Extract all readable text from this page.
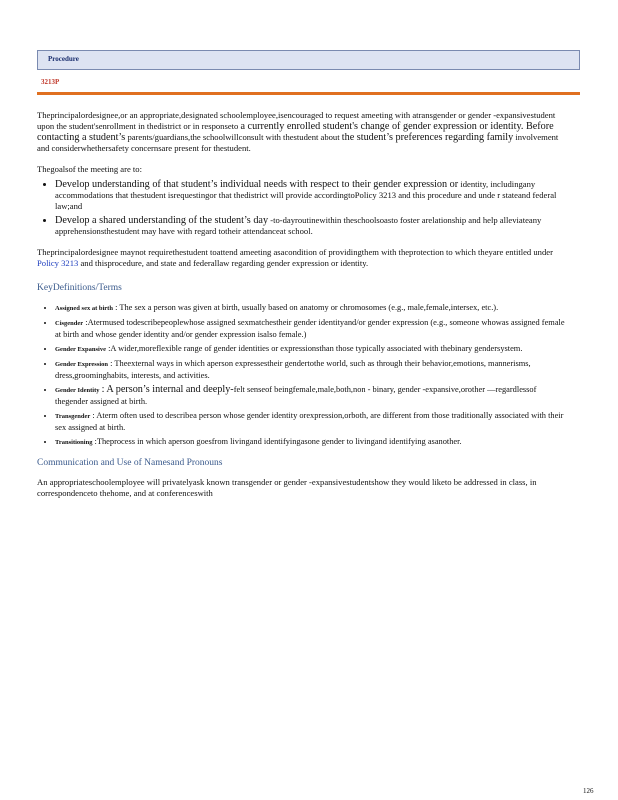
Procedure
3213P

Theprincipalordesignee,or an appropriate,designated schoolemployee,isencouraged to request ameeting with atransgender or gender -expansivestudent upon the student'senrollment in thedistrict or in responseto a currently enrolled student's change of gender expression or identity. Before contacting a student’s parents/guardians,the schoolwillconsult with thestudent about the student’s preferences regarding family involvement and considerwhethersafety concernsare present for thestudent.

Thegoalsof the meeting are to:

• Develop understanding of that student’s individual needs with respect to their gender expression or identity, includingany accommodations that thestudent isrequestingor that thedistrict will provide accordingtoPolicy 3213 and this procedure and unde r stateand federal law;and
• Develop a shared understanding of the student’s day -to-dayroutinewithin theschoolsoasto foster arelationship and help alleviateany apprehensionsthestudent may have with regard totheir attendanceat school.

Theprincipalordesignee maynot requirethestudent toattend ameeting asacondition of providingthem with theprotection to which theyare entitled under Policy 3213 and thisprocedure, and state and federallaw regarding gender expression or identity.

KeyDefinitions/Terms
• Assigned sex at birth : The sex a person was given at birth, usually based on anatomy or chromosomes (e.g., male,female,intersex, etc.).
• Cisgender :Atermused todescribepeoplewhose assigned sexmatchestheir gender identityand/or gender expression (e.g., someone whowas assigned female at birth and whose gender identity and/or gender expression isalso female.)
• Gender Expansive :A wider,moreflexible range of gender identities or expressionsthan those typically associated with thebinary gendersystem.
• Gender Expression : Theexternal ways in which aperson expressestheir gendertothe world, such as through their behavior,emotions, mannerisms, dress,groominghabits, interests, and activities.
• Gender Identity : A person’s internal and deeply-felt senseof beingfemale,male,both,non - binary, gender -expansive,orother —regardlessof thegender assigned at birth.
• Transgender : Aterm often used to describea person whose gender identity orexpression,orboth, are different from those traditionally associated with their sex assigned at birth.
• Transitioning :Theprocess in which aperson goesfrom livingand identifyingasone gender to livingand identifying asanother.
Communication and Use of Namesand Pronouns

An appropriateschoolemployee will privatelyask known transgender or gender -expansivestudentshow they would liketo be addressed in class, in correspondenceto thehome, and at conferenceswith

126
